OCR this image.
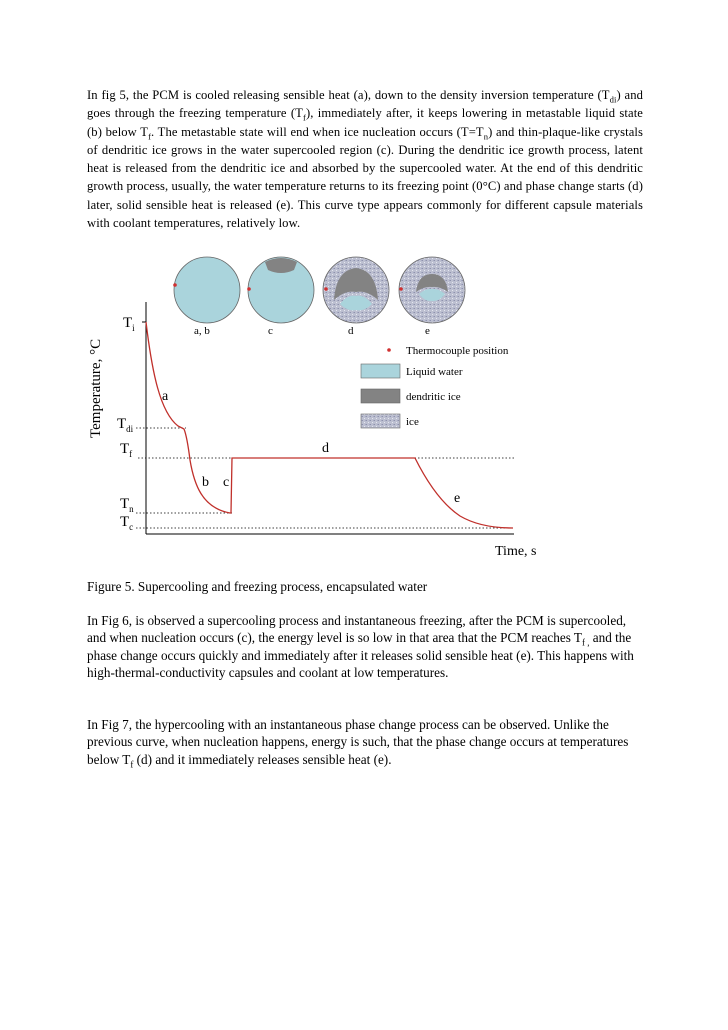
In fig 5, the PCM is cooled releasing sensible heat (a), down to the density inversion temperature $(T_{di})$ and goes through the freezing temperature $(T_f)$, immediately after, it keeps lowering in metastable liquid state (b) below $T_f$. The metastable state will end when ice nucleation occurs $(T=T_n)$ and thin-plaque-like crystals of dendritic ice grows in the water supercooled region (c). During the dendritic ice growth process, latent heat is released from the dendritic ice and absorbed by the supercooled water. At the end of this dendritic growth process, usually, the water temperature returns to its freezing point (0°C) and phase change starts (d) later, solid sensible heat is released (e). This curve type appears commonly for different capsule materials with coolant temperatures, relatively low.
a, b	c	d	e
$T_i$
$T_{di}$
$T_f$
$T_n$
$T_c$
Temperature, °C
Time, s
a
b c
d
e
Thermocouple position
Liquid water
dendritic ice
ice
Figure 5. Supercooling and freezing process, encapsulated water
In Fig 6, is observed a supercooling process and instantaneous freezing, after the PCM is supercooled, and when nucleation occurs (c), the energy level is so low in that area that the PCM reaches $T_{f ,}$ and the phase change occurs quickly and immediately after it releases solid sensible heat (e). This happens with high-thermal-conductivity capsules and coolant at low temperatures.
In Fig 7, the hypercooling with an instantaneous phase change process can be observed. Unlike the previous curve, when nucleation happens, energy is such, that the phase change occurs at temperatures below $T_f$ (d) and it immediately releases sensible heat (e).
